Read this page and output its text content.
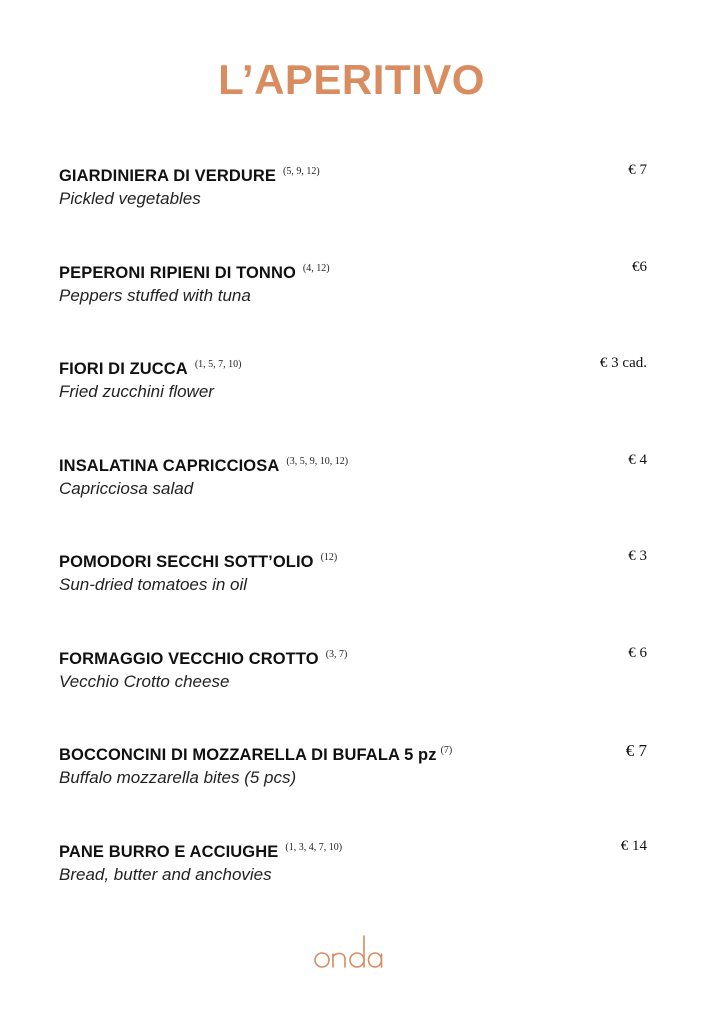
L’APERITIVO
GIARDINIERA DI VERDURE $^{(5, 9, 12)}$	€ 7
Pickled vegetables
PEPERONI RIPIENI DI TONNO $^{(4, 12)}$	€6
Peppers stuffed with tuna
FIORI DI ZUCCA $^{(1, 5, 7, 10)}$	€ 3 cad.
Fried zucchini flower
INSALATINA CAPRICCIOSA $^{(3, 5, 9, 10, 12)}$	€ 4
Capricciosa salad
POMODORI SECCHI SOTT’OLIO $^{(12)}$	€ 3
Sun-dried tomatoes in oil
FORMAGGIO VECCHIO CROTTO $^{(3, 7)}$	€ 6
Vecchio Crotto cheese
BOCCONCINI DI MOZZARELLA DI BUFALA 5 pz $^{(7)}$	€ 7
Buffalo mozzarella bites (5 pcs)
PANE BURRO E ACCIUGHE $^{(1, 3, 4, 7, 10)}$	€ 14
Bread, butter and anchovies
